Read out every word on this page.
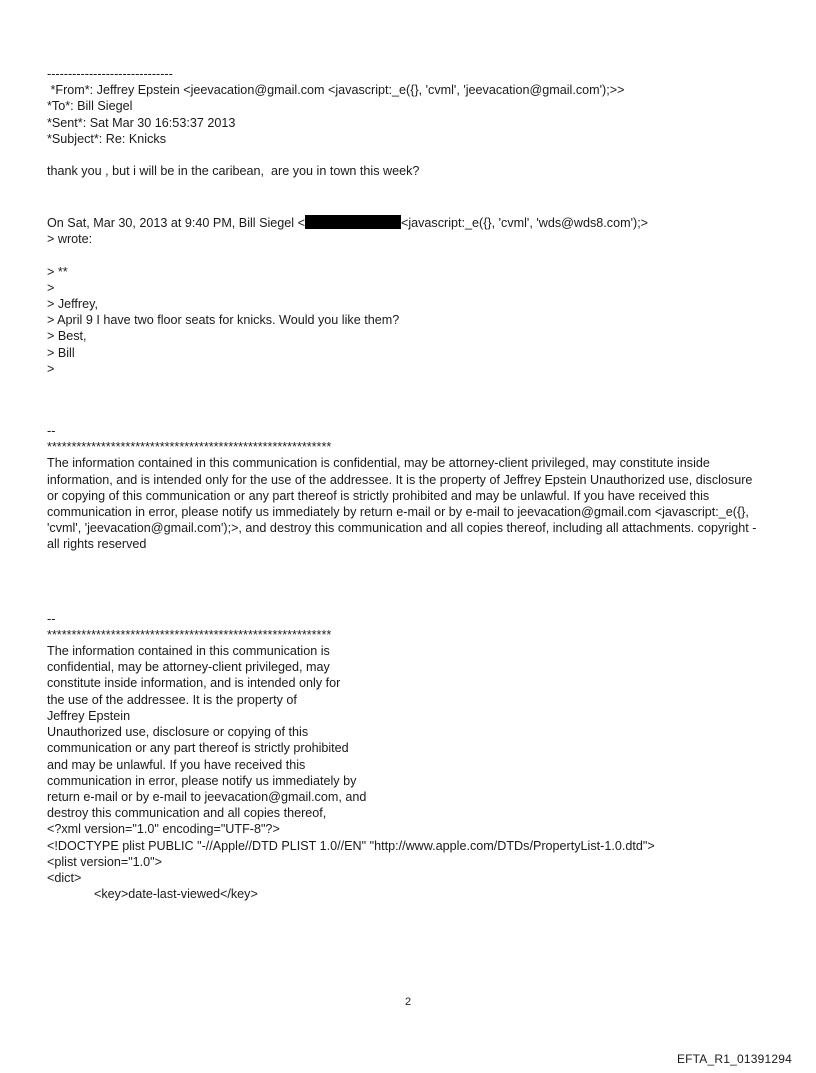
------------------------------
*From*: Jeffrey Epstein <jeevacation@gmail.com <javascript:_e({}, 'cvml', 'jeevacation@gmail.com');>>
*To*: Bill Siegel
*Sent*: Sat Mar 30 16:53:37 2013
*Subject*: Re: Knicks
thank you , but i will be in the caribean,  are you in town this week?
On Sat, Mar 30, 2013 at 9:40 PM, Bill Siegel <	<javascript:_e({}, 'cvml', 'wds@wds8.com');>
> wrote:
> **
>
> Jeffrey,
> April 9 I have two floor seats for knicks. Would you like them?
> Best,
> Bill
>
--
**********************************************************
The information contained in this communication is confidential, may be attorney-client privileged, may constitute inside information, and is intended only for the use of the addressee. It is the property of Jeffrey Epstein Unauthorized use, disclosure or copying of this communication or any part thereof is strictly prohibited and may be unlawful. If you have received this communication in error, please notify us immediately by return e-mail or by e-mail to jeevacation@gmail.com <javascript:_e({}, 'cvml', 'jeevacation@gmail.com');>, and destroy this communication and all copies thereof, including all attachments. copyright -all rights reserved
--
**********************************************************
The information contained in this communication is
confidential, may be attorney-client privileged, may
constitute inside information, and is intended only for
the use of the addressee. It is the property of
Jeffrey Epstein
Unauthorized use, disclosure or copying of this
communication or any part thereof is strictly prohibited
and may be unlawful. If you have received this
communication in error, please notify us immediately by
return e-mail or by e-mail to jeevacation@gmail.com, and
destroy this communication and all copies thereof,
<?xml version="1.0" encoding="UTF-8"?>
<!DOCTYPE plist PUBLIC "-//Apple//DTD PLIST 1.0//EN" "http://www.apple.com/DTDs/PropertyList-1.0.dtd">
<plist version="1.0">
<dict>
<key>date-last-viewed</key>
2
EFTA_R1_01391294
